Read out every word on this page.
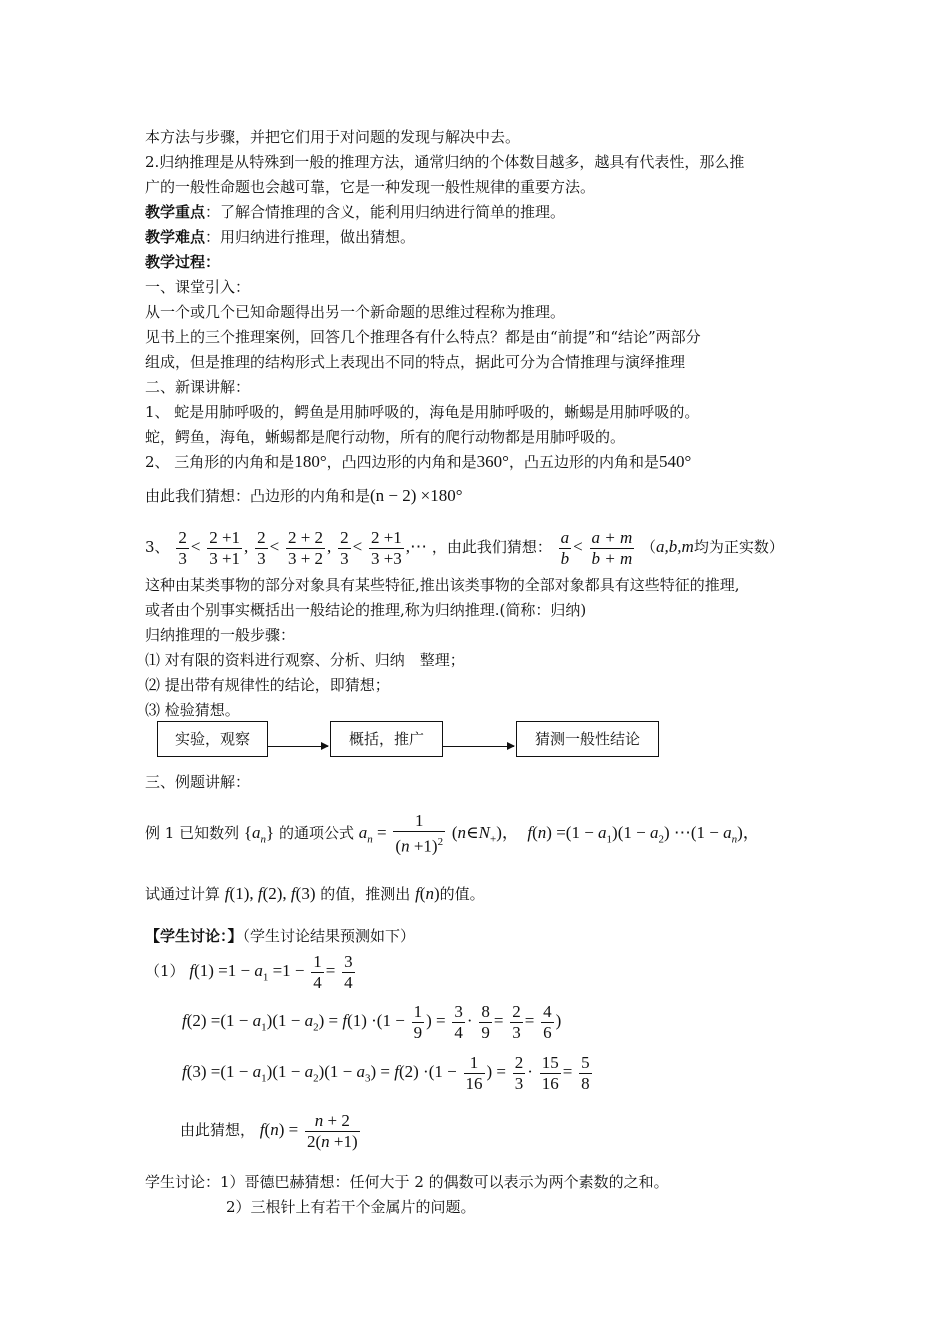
本方法与步骤，并把它们用于对问题的发现与解决中去。
2.归纳推理是从特殊到一般的推理方法，通常归纳的个体数目越多，越具有代表性，那么推
广的一般性命题也会越可靠，它是一种发现一般性规律的重要方法。
教学重点：了解合情推理的含义，能利用归纳进行简单的推理。
教学难点：用归纳进行推理，做出猜想。
教学过程：
一、课堂引入：
从一个或几个已知命题得出另一个新命题的思维过程称为推理。
见书上的三个推理案例，回答几个推理各有什么特点？都是由“前提”和“结论”两部分
组成，但是推理的结构形式上表现出不同的特点，据此可分为合情推理与演绎推理
二、新课讲解：
1、 蛇是用肺呼吸的，鳄鱼是用肺呼吸的，海龟是用肺呼吸的，蜥蜴是用肺呼吸的。
蛇，鳄鱼，海龟，蜥蜴都是爬行动物，所有的爬行动物都是用肺呼吸的。
2、 三角形的内角和是180°，凸四边形的内角和是360°，凸五边形的内角和是540°
由此我们猜想：凸边形的内角和是(n − 2) ×180°
3、 $\frac{2}{3} < \frac{2 +1}{3 +1}$ , $\frac{2}{3} < \frac{2 + 2}{3 + 2}$ , $\frac{2}{3} < \frac{2 +1}{3 +3}$ ,⋯ ，由此我们猜想： $\frac{a}{b} < \frac{a + m}{b + m} (a,b,m$均为正实数）
这种由某类事物的部分对象具有某些特征,推出该类事物的全部对象都具有这些特征的推理,
或者由个别事实概括出一般结论的推理,称为归纳推理.(简称：归纳)
归纳推理的一般步骤：
⑴ 对有限的资料进行观察、分析、归纳　整理；
⑵ 提出带有规律性的结论，即猜想；
⑶ 检验猜想。
实验，观察	概括，推广	猜测一般性结论
三、例题讲解：
例 1 已知数列 $\{a_n\}$ 的通项公式 $a_n = \frac{1}{(n +1)^2}$ $(n\in N_+)$，  $f(n) =(1 - a_1)(1 - a_2)$ ⋯(1 − $a_n$)，
试通过计算 f(1), f(2), f(3) 的值，推测出 f(n)的值。
【学生讨论：】（学生讨论结果预测如下）
（1） $f(1) =1 - a_1 =1 - \frac{1}{4} = \frac{3}{4}$
$f(2) =(1 - a_1)(1 - a_2) = f(1) \cdot(1 - \frac{1}{9}$ ) = $\frac{3}{4} \cdot \frac{8}{9} = \frac{2}{3} = \frac{4}{6}$ )
$f(3) =(1 - a_1)(1 - a_2)(1 - a_3) = f(2) \cdot(1 - \frac{1}{16}$ ) = $\frac{2}{3} \cdot \frac{15}{16} = \frac{5}{8}$
由此猜想， $f(n) = \frac{n + 2}{2(n +1)}$
学生讨论：1）哥德巴赫猜想：任何大于 2 的偶数可以表示为两个素数的之和。
2）三根针上有若干个金属片的问题。
